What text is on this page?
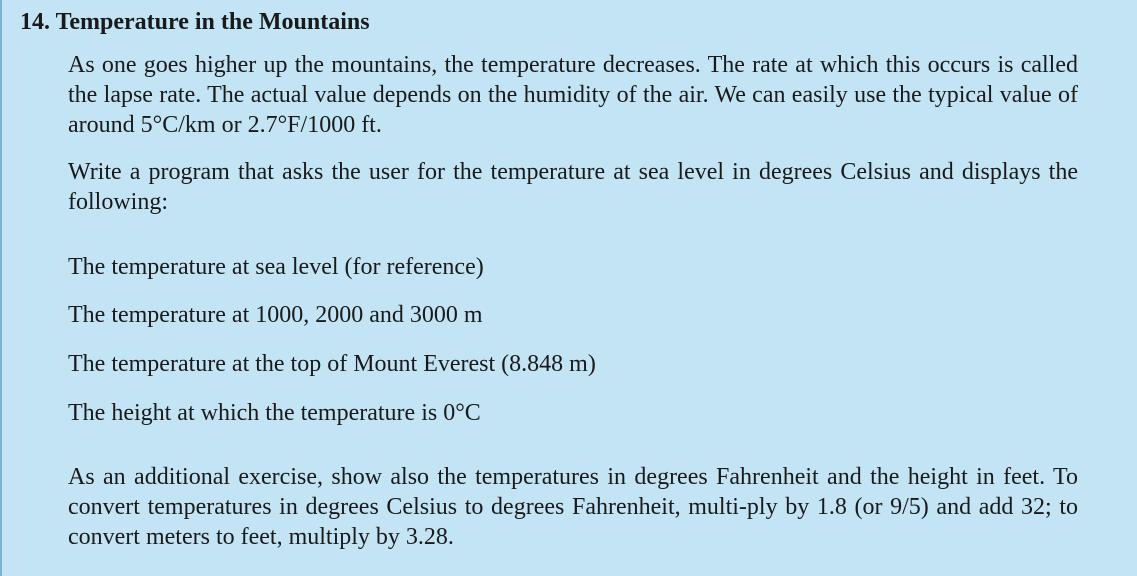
14. Temperature in the Mountains
As one goes higher up the mountains, the temperature decreases. The rate at which this occurs is called the lapse rate. The actual value depends on the humidity of the air. We can easily use the typical value of around 5°C/km or 2.7°F/1000 ft.
Write a program that asks the user for the temperature at sea level in degrees Celsius and displays the following:
The temperature at sea level (for reference)
The temperature at 1000, 2000 and 3000 m
The temperature at the top of Mount Everest (8.848 m)
The height at which the temperature is 0°C
As an additional exercise, show also the temperatures in degrees Fahrenheit and the height in feet. To convert temperatures in degrees Celsius to degrees Fahrenheit, multi-ply by 1.8 (or 9/5) and add 32; to convert meters to feet, multiply by 3.28.
